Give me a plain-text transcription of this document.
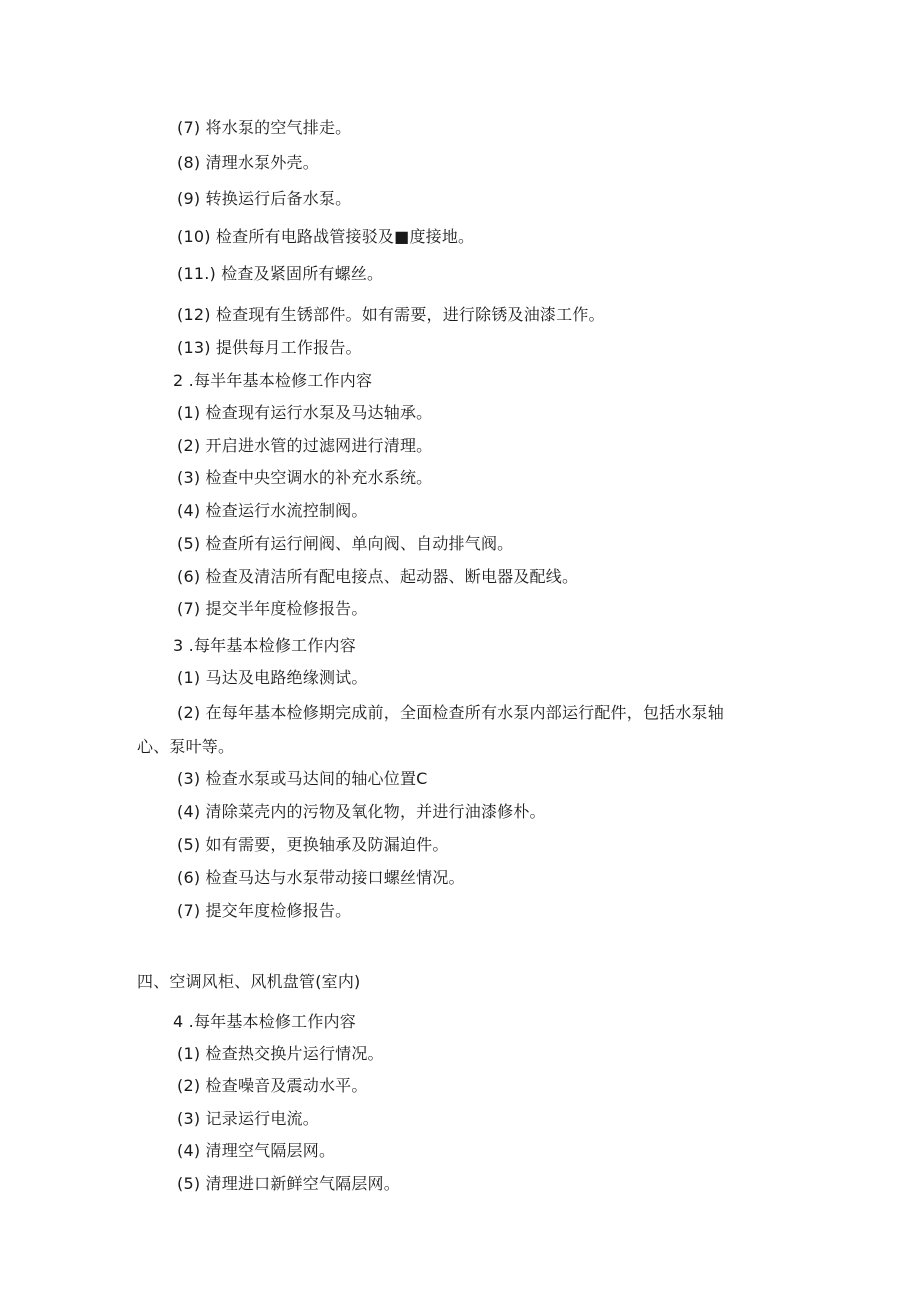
(7) 将水泵的空气排走。
(8) 清理水泵外壳。
(9) 转换运行后备水泵。
(10) 检查所有电路战管接驳及■度接地。
(11.) 检查及紧固所有螺丝。
(12) 检查现有生锈部件。如有需要，进行除锈及油漆工作。
(13) 提供每月工作报告。
2 .每半年基本检修工作内容
(1) 检查现有运行水泵及马达轴承。
(2) 开启进水管的过滤网进行清理。
(3) 检查中央空调水的补充水系统。
(4) 检查运行水流控制阀。
(5) 检查所有运行闸阀、单向阀、自动排气阀。
(6) 检查及清洁所有配电接点、起动器、断电器及配线。
(7) 提交半年度检修报告。
3 .每年基本检修工作内容
(1) 马达及电路绝缘测试。
(2) 在每年基本检修期完成前，全面检查所有水泵内部运行配件，包括水泵轴
心、泵叶等。
(3) 检查水泵或马达间的轴心位置C
(4) 清除菜壳内的污物及氧化物，并进行油漆修朴。
(5) 如有需要，更换轴承及防漏迫件。
(6) 检查马达与水泵带动接口螺丝情况。
(7) 提交年度检修报告。
四、空调风柜、风机盘管(室内)
4 .每年基本检修工作内容
(1) 检查热交换片运行情况。
(2) 检查噪音及震动水平。
(3) 记录运行电流。
(4) 清理空气隔层网。
(5) 清理进口新鲜空气隔层网。
